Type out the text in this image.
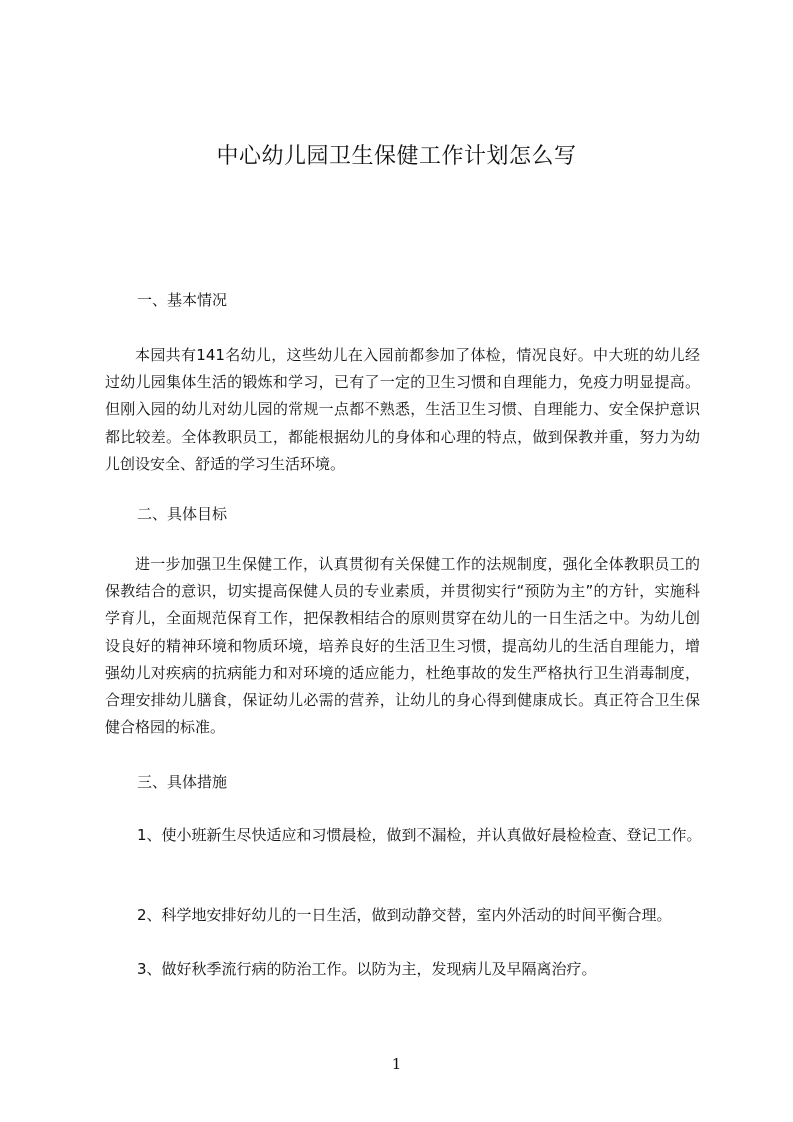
中心幼儿园卫生保健工作计划怎么写
一、基本情况
本园共有141名幼儿，这些幼儿在入园前都参加了体检，情况良好。中大班的幼儿经过幼儿园集体生活的锻炼和学习，已有了一定的卫生习惯和自理能力，免疫力明显提高。但刚入园的幼儿对幼儿园的常规一点都不熟悉，生活卫生习惯、自理能力、安全保护意识都比较差。全体教职员工，都能根据幼儿的身体和心理的特点，做到保教并重，努力为幼儿创设安全、舒适的学习生活环境。
二、具体目标
进一步加强卫生保健工作，认真贯彻有关保健工作的法规制度，强化全体教职员工的保教结合的意识，切实提高保健人员的专业素质，并贯彻实行“预防为主”的方针，实施科学育儿，全面规范保育工作，把保教相结合的原则贯穿在幼儿的一日生活之中。为幼儿创设良好的精神环境和物质环境，培养良好的生活卫生习惯，提高幼儿的生活自理能力，增强幼儿对疾病的抗病能力和对环境的适应能力，杜绝事故的发生严格执行卫生消毒制度，合理安排幼儿膳食，保证幼儿必需的营养，让幼儿的身心得到健康成长。真正符合卫生保健合格园的标准。
三、具体措施
1、使小班新生尽快适应和习惯晨检，做到不漏检，并认真做好晨检检查、登记工作。
2、科学地安排好幼儿的一日生活，做到动静交替，室内外活动的时间平衡合理。
3、做好秋季流行病的防治工作。以防为主，发现病儿及早隔离治疗。
1
